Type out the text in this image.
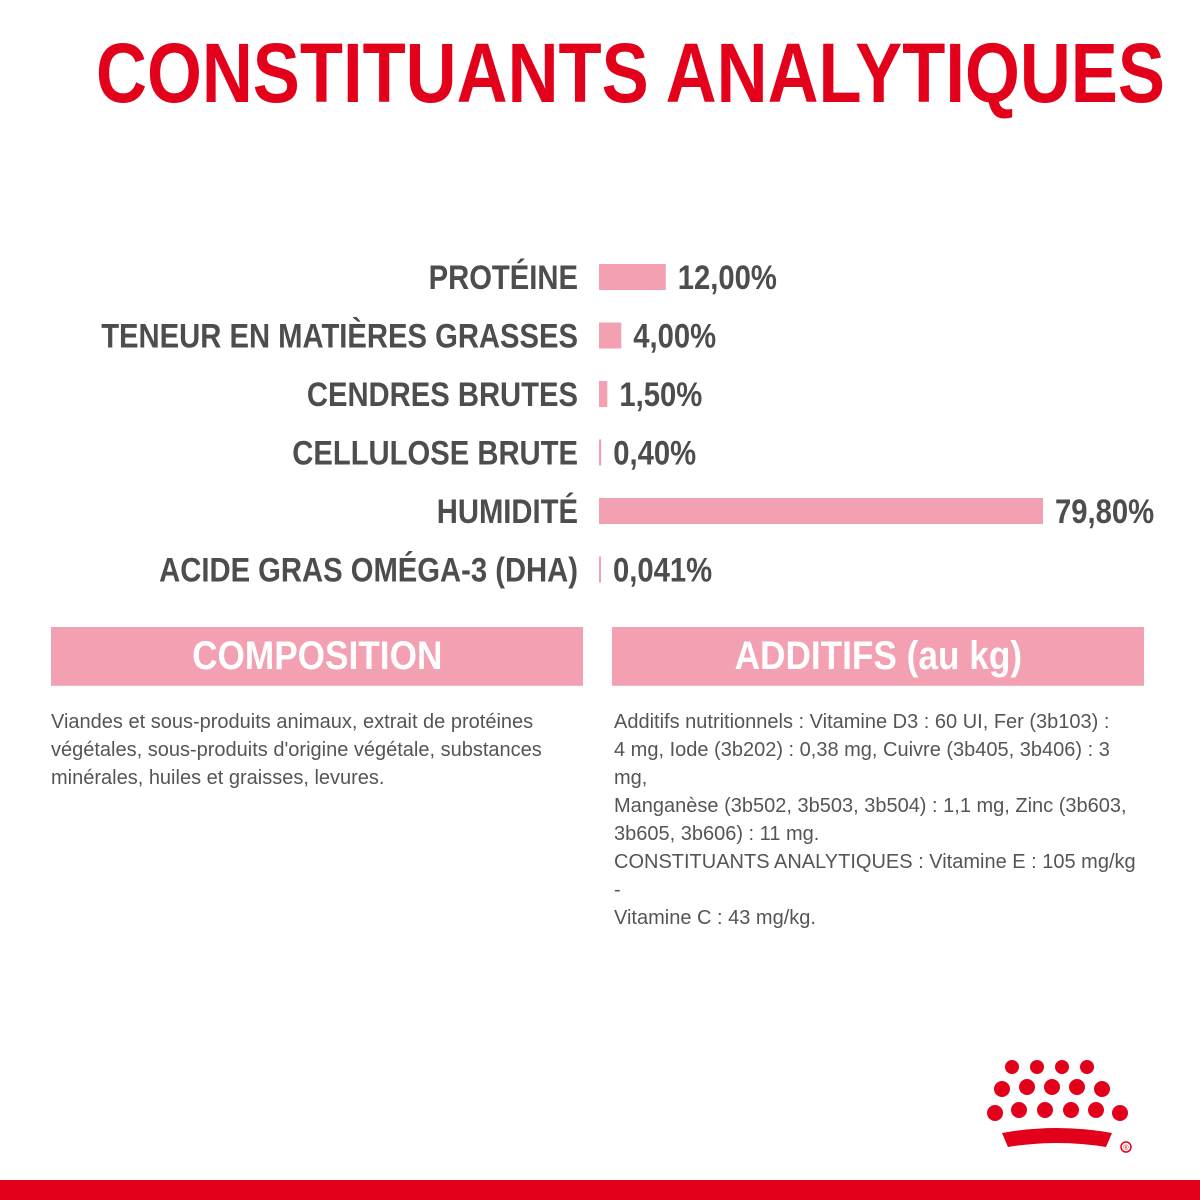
CONSTITUANTS ANALYTIQUES
PROTÉINE	12,00%
TENEUR EN MATIÈRES GRASSES 4,00%
CENDRES BRUTES 1,50%
CELLULOSE BRUTE 0,40%
HUMIDITÉ	79,80%
ACIDE GRAS OMÉGA-3 (DHA) 0,041%
COMPOSITION	ADDITIFS (au kg)
Viandes et sous-produits animaux, extrait de protéines
végétales, sous-produits d'origine végétale, substances
minérales, huiles et graisses, levures.
Additifs nutritionnels : Vitamine D3 : 60 UI, Fer (3b103) :
4 mg, Iode (3b202) : 0,38 mg, Cuivre (3b405, 3b406) : 3 mg,
Manganèse (3b502, 3b503, 3b504) : 1,1 mg, Zinc (3b603,
3b605, 3b606) : 11 mg.
CONSTITUANTS ANALYTIQUES : Vitamine E : 105 mg/kg -
Vitamine C : 43 mg/kg.
®
